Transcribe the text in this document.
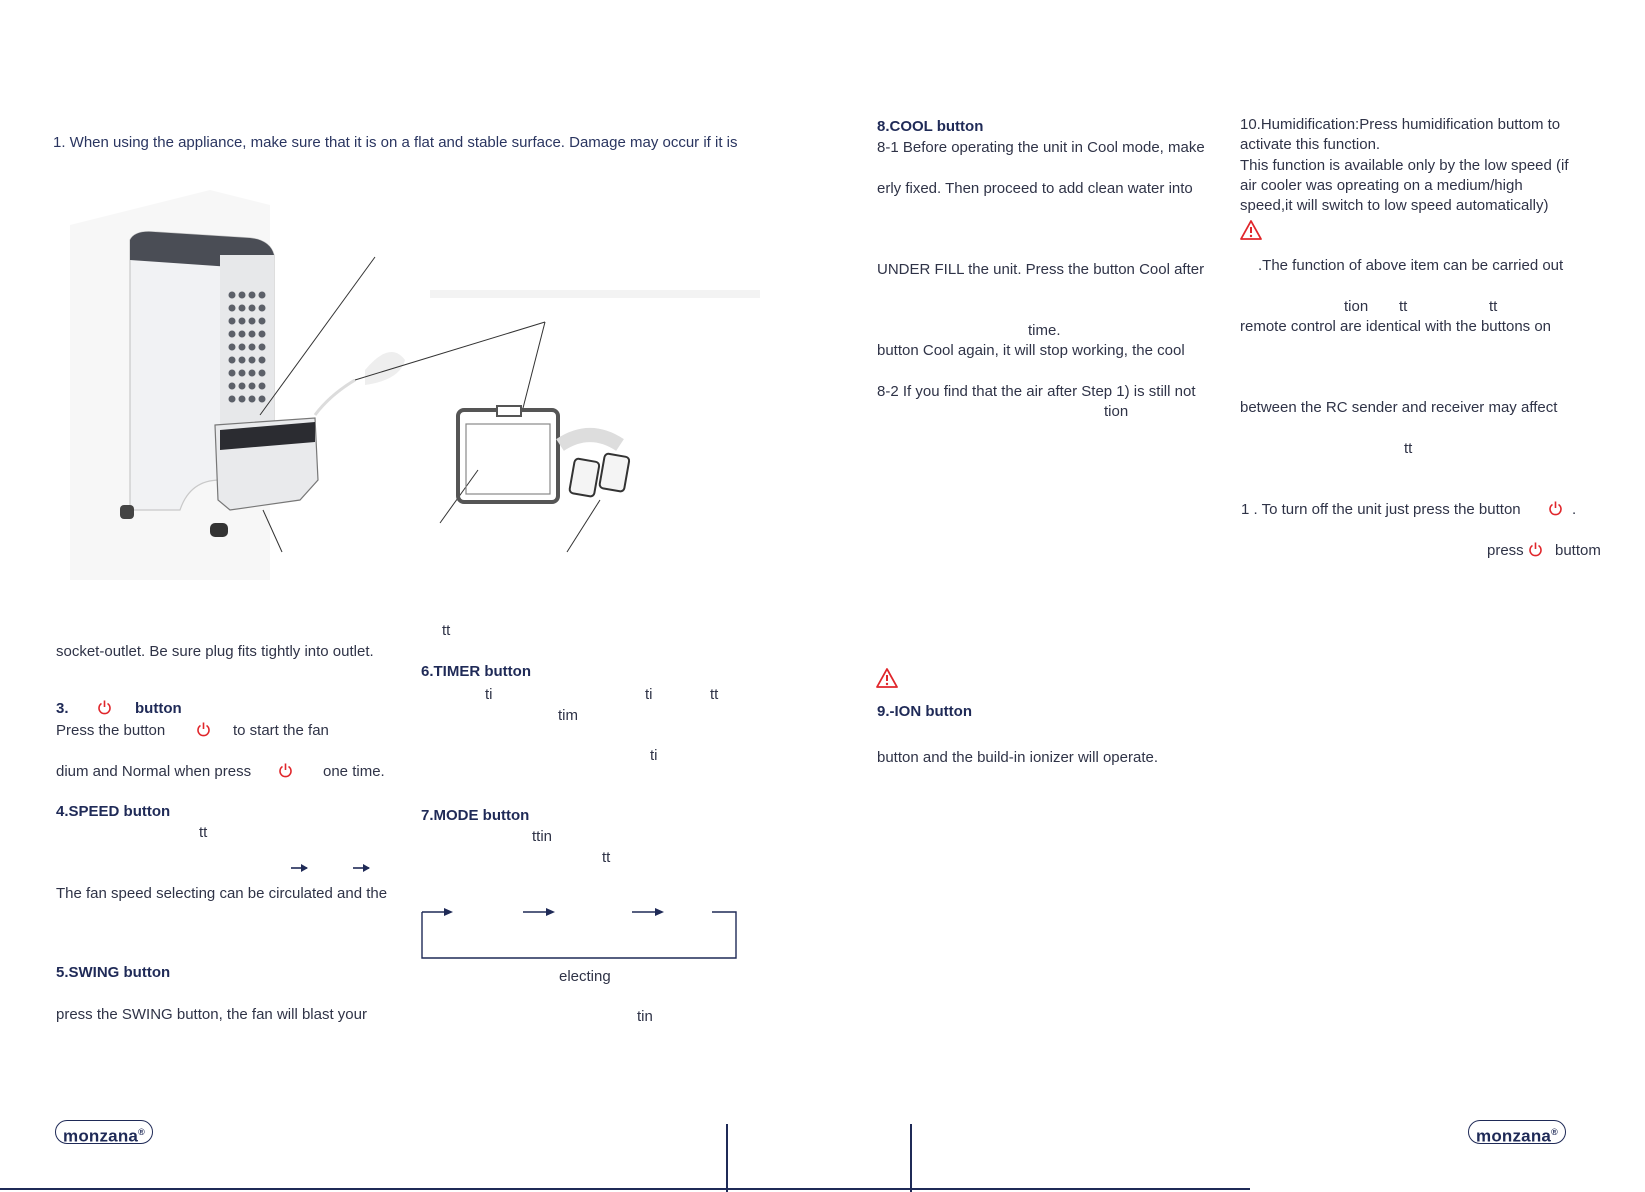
1. When using the appliance, make sure that it is on a flat and stable surface. Damage may occur if it is
socket-outlet. Be sure plug fits tightly into outlet.
3.	button
Press the button	to start the fan
dium and Normal when press	one time.
4.SPEED button
tt
The fan speed selecting can be circulated and the
5.SWING button
press the SWING button, the fan will blast your
tt
6.TIMER button
ti	ti	tt
tim
ti
7.MODE button
ttin
tt
electing
tin
monzana®
8.COOL button
8-1 Before operating the unit in Cool mode, make
erly fixed. Then proceed to add clean water into
UNDER FILL the unit. Press the button Cool after
time.
button Cool again, it will stop working, the cool
8-2 If you find that the air after Step 1) is still not
tion
9.-ION button
button and the build-in ionizer will operate.
10.Humidification:Press humidification buttom to
activate this function.
This function is available only by the low speed (if
air cooler was opreating on a medium/high
speed,it will switch to low speed automatically)
.The function of above item can be carried out
tion tt	tt
remote control are identical with the buttons on
between the RC sender and receiver may affect
tt
1 . To turn off the unit just press the button	.
press buttom
monzana®
